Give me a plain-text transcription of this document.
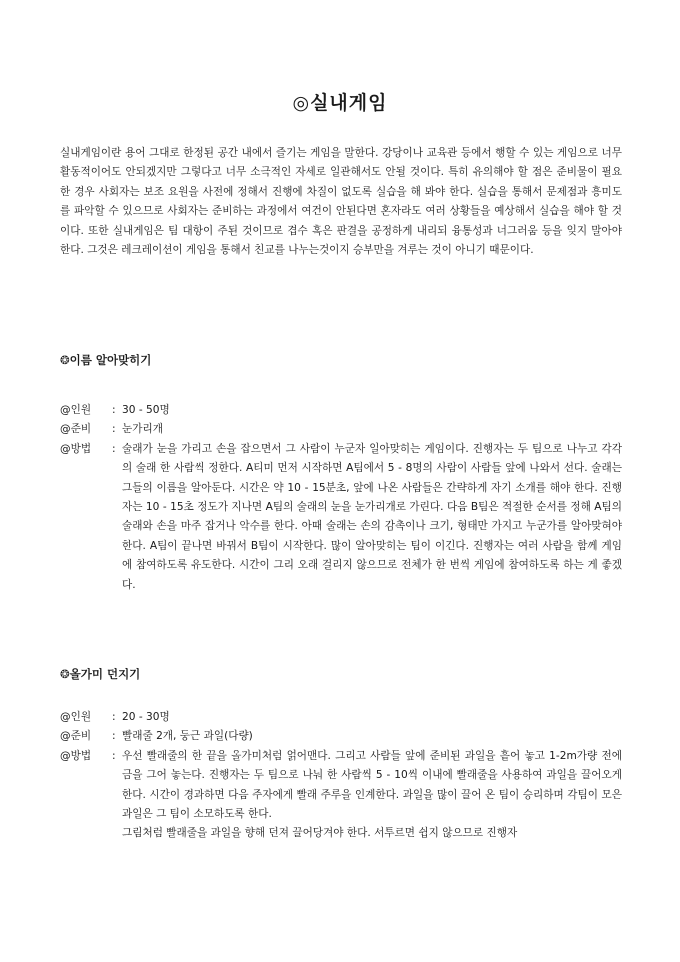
◎실내게임

실내게임이란 용어 그대로 한정된 공간 내에서 즐기는 게임을 말한다. 강당이나 교육관 등에서 행할 수 있는 게임으로 너무 활동적이어도 안되겠지만 그렇다고 너무 소극적인 자세로 일관해서도 안될 것이다. 특히 유의해야 할 점은 준비물이 필요한 경우 사회자는 보조 요원을 사전에 정해서 진행에 차질이 없도록 실습을 해 봐야 한다. 실습을 통해서 문제점과 흥미도를 파악할 수 있으므로 사회자는 준비하는 과정에서 여건이 안된다면 혼자라도 여러 상황들을 예상해서 실습을 해야 할 것이다. 또한 실내게임은 팀 대항이 주된 것이므로 겹수 혹은 판결을 공정하게 내리되 융통성과 너그러움 등을 잊지 말아야 한다. 그것은 레크레이션이 게임을 통해서 친교를 나누는것이지 승부만을 겨루는 것이 아니기 때문이다.

❂이름 알아맞히기
@인원	: 30 - 50명
@준비	: 눈가리개
@방법	: 술래가 눈을 가리고 손을 잡으면서 그 사람이 누군자 일아맞히는 게임이다. 진행자는 두 팀으로 나누고 각각의 술래 한 사람씩 정한다. A티미 먼저 시작하면 A팀에서 5 - 8명의 사람이 사람들 앞에 나와서 선다. 술래는 그들의 이름을 알아둔다. 시간은 약 10 - 15분초, 앞에 나온 사람들은 간략하게 자기 소개를 해야 한다. 진행자는 10 - 15초 정도가 지나면 A팀의 술래의 눈을 눈가리개로 가린다. 다음 B팀은 적절한 순서를 정해 A팀의 술래와 손을 마주 잡거나 악수를 한다. 아때 술래는 손의 감촉이나 크기, 형태만 가지고 누군가를 알아맞혀야 한다. A팀이 끝나면 바꿔서 B팀이 시작한다. 많이 알아맞히는 팀이 이긴다. 진행자는 여러 사람을 함께 게임에 참여하도록 유도한다. 시간이 그리 오래 걸리지 않으므로 전체가 한 번씩 게임에 참여하도록 하는 게 좋겠다.

❂올가미 던지기
@인원	: 20 - 30명
@준비	: 빨래줄 2개, 둥근 과일(다량)
@방법	: 우선 빨래줄의 한 끝을 올가미처럼 얽어맨다. 그리고 사람들 앞에 준비된 과일을 흩어 놓고 1-2m가량 전에 금을 그어 놓는다. 진행자는 두 팀으로 나눠 한 사람씩 5 - 10씩 이내에 빨래줄을 사용하여 과일을 끌어오게 한다. 시간이 경과하면 다음 주자에게 빨래 주루을 인계한다. 과일을 많이 끌어 온 팀이 승리하며 각팀이 모은 과일은 그 팀이 소모하도록 한다.

그림처럼 빨래줄을 과일을 향해 던져 끌어당겨야 한다. 서투르면 쉽지 않으므로 진행자
